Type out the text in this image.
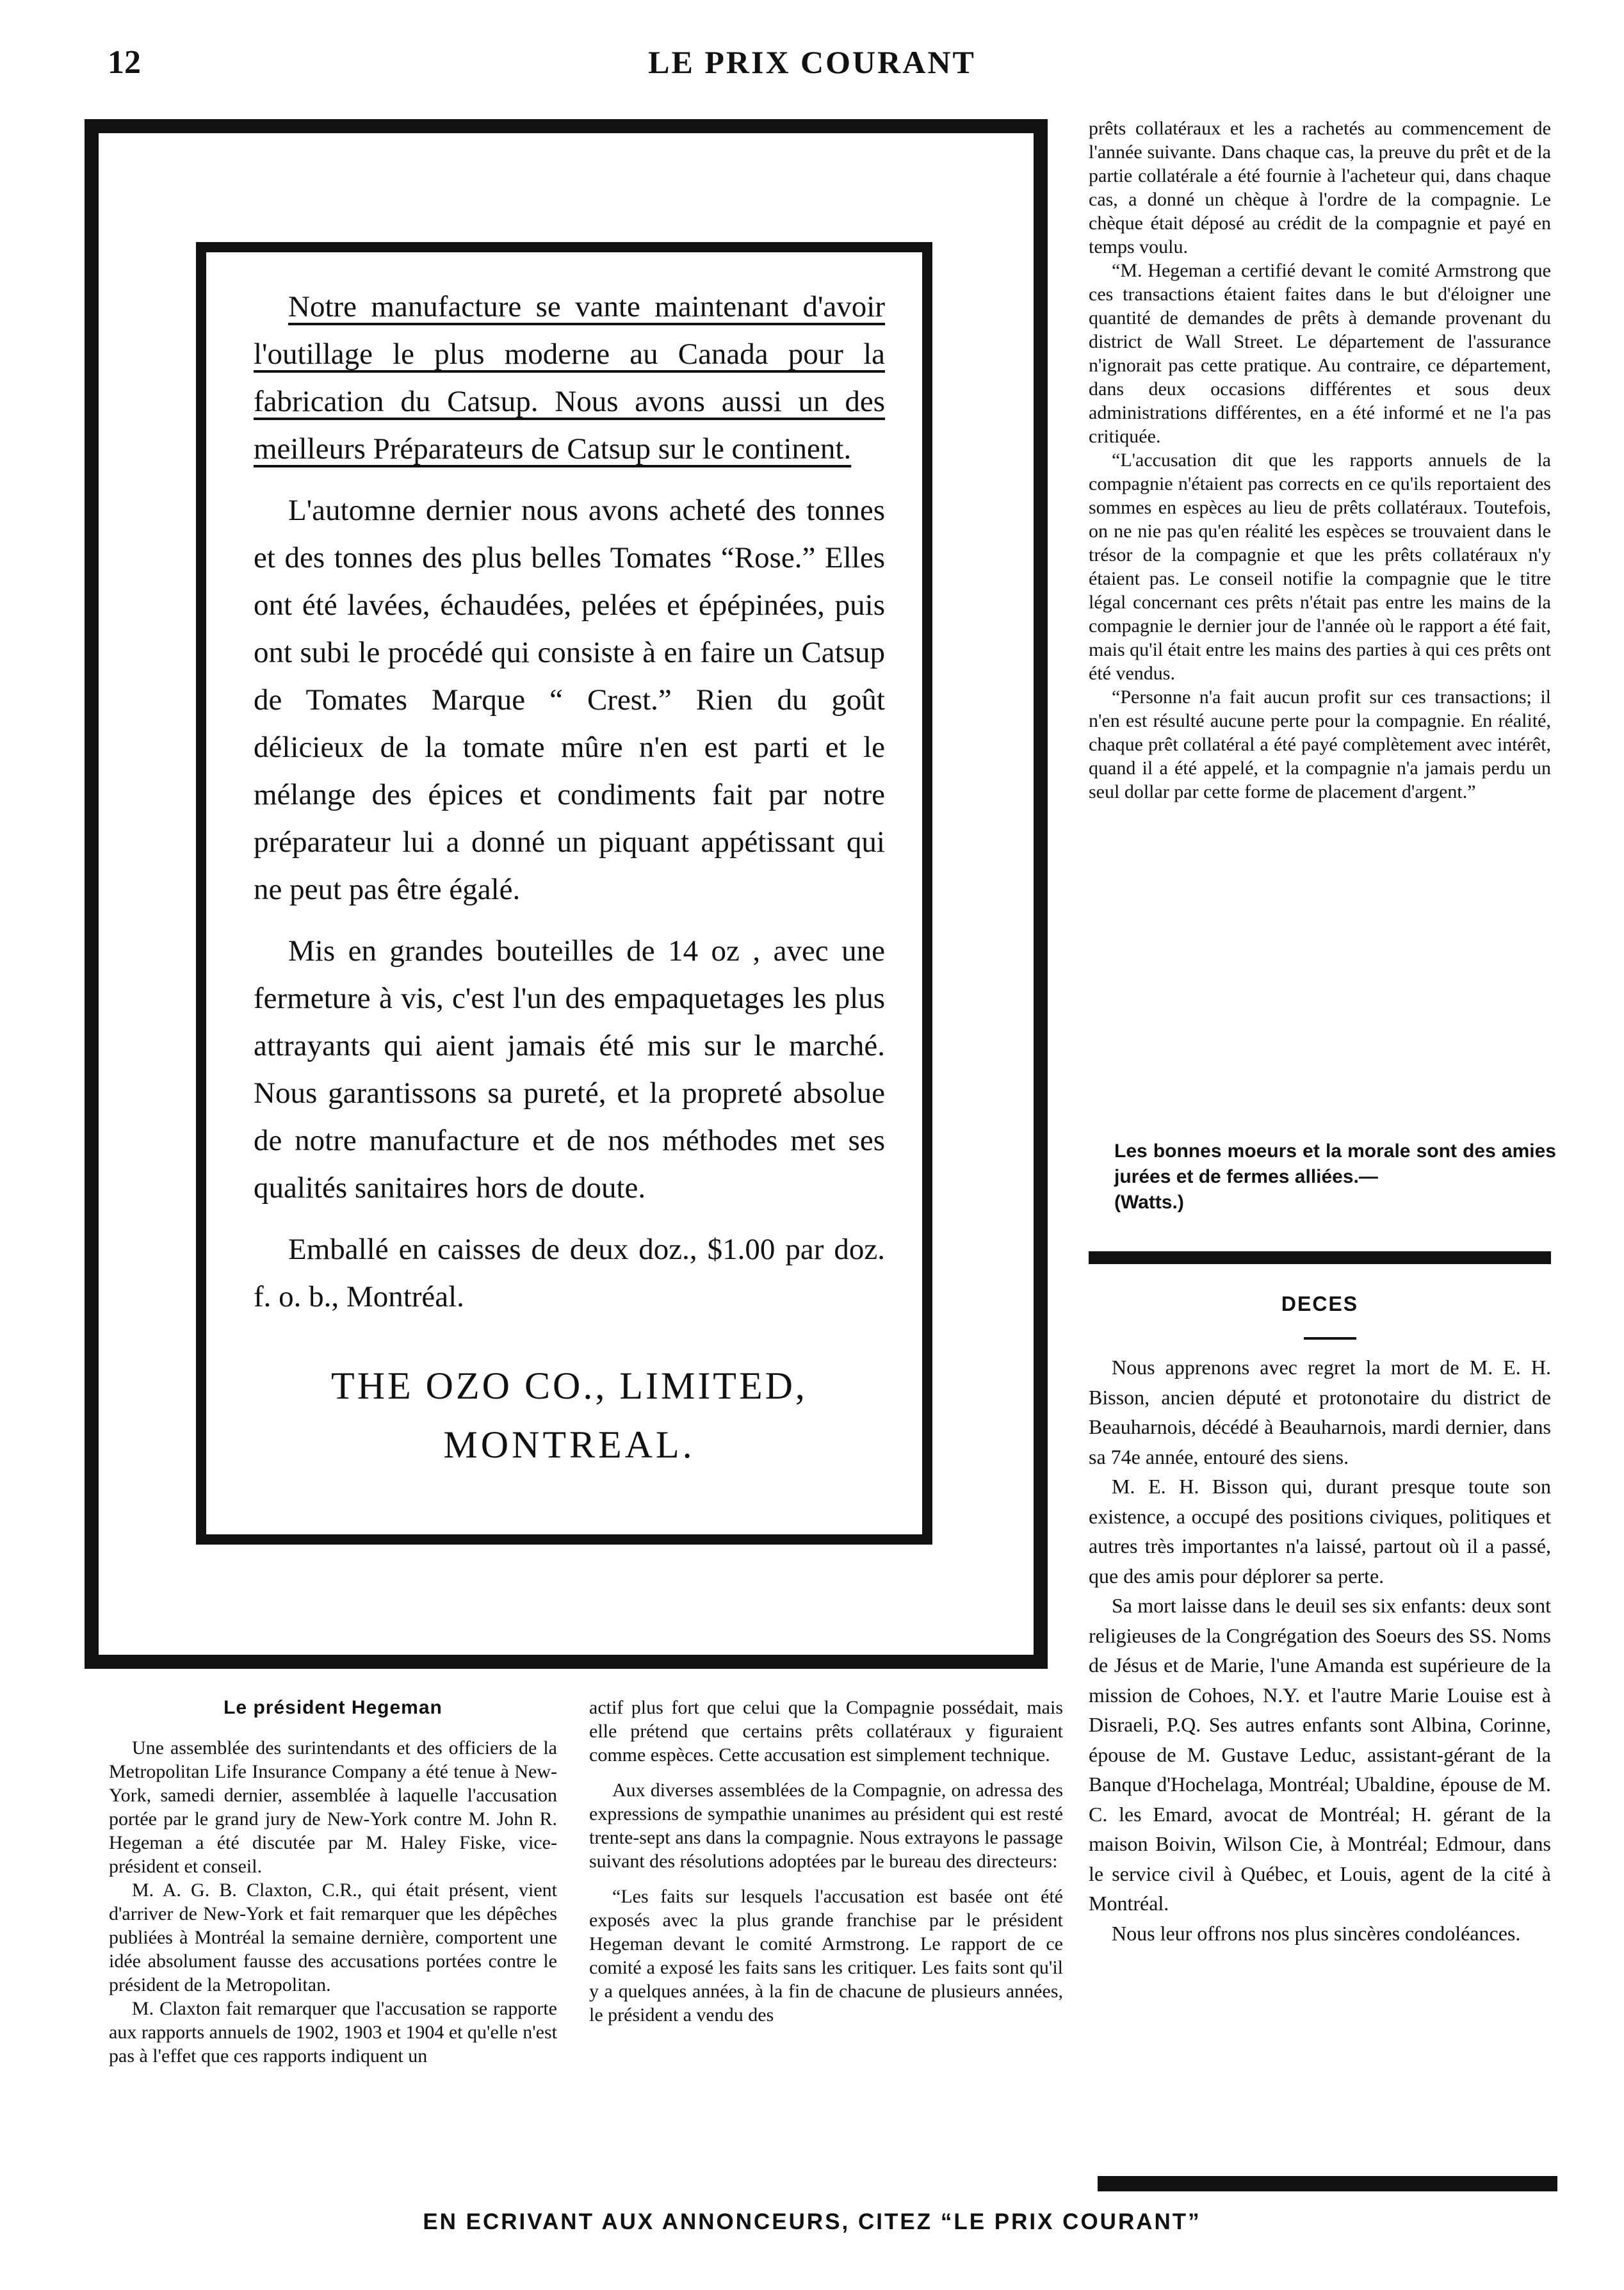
12	LE PRIX COURANT

Notre manufacture se vante maintenant d'avoir l'outillage le plus moderne au Canada pour la fabrication du Catsup. Nous avons aussi un des meilleurs Préparateurs de Catsup sur le continent.

L'automne dernier nous avons acheté des tonnes et des tonnes des plus belles Tomates “Rose.” Elles ont été lavées, échaudées, pelées et épépinées, puis ont subi le procédé qui consiste à en faire un Catsup de Tomates Marque “ Crest.” Rien du goût délicieux de la tomate mûre n'en est parti et le mélange des épices et condiments fait par notre préparateur lui a donné un piquant appétissant qui ne peut pas être égalé.

Mis en grandes bouteilles de 14 oz , avec une fermeture à vis, c'est l'un des empaquetages les plus attrayants qui aient jamais été mis sur le marché. Nous garantissons sa pureté, et la propreté absolue de notre manufacture et de nos méthodes met ses qualités sanitaires hors de doute.

Emballé en caisses de deux doz., $1.00 par doz. f. o. b., Montréal.

THE OZO CO., LIMITED,
MONTREAL.

Le président Hegeman

Une assemblée des surintendants et des officiers de la Metropolitan Life Insurance Company a été tenue à New-York, samedi dernier, assemblée à laquelle l'accusation portée par le grand jury de New-York contre M. John R. Hegeman a été discutée par M. Haley Fiske, vice-président et conseil.

M. A. G. B. Claxton, C.R., qui était présent, vient d'arriver de New-York et fait remarquer que les dépêches publiées à Montréal la semaine dernière, comportent une idée absolument fausse des accusations portées contre le président de la Metropolitan.

M. Claxton fait remarquer que l'accusation se rapporte aux rapports annuels de 1902, 1903 et 1904 et qu'elle n'est pas à l'effet que ces rapports indiquent un

actif plus fort que celui que la Compagnie possédait, mais elle prétend que certains prêts collatéraux y figuraient comme espèces. Cette accusation est simplement technique.

Aux diverses assemblées de la Compagnie, on adressa des expressions de sympathie unanimes au président qui est resté trente-sept ans dans la compagnie. Nous extrayons le passage suivant des résolutions adoptées par le bureau des directeurs:

“Les faits sur lesquels l'accusation est basée ont été exposés avec la plus grande franchise par le président Hegeman devant le comité Armstrong. Le rapport de ce comité a exposé les faits sans les critiquer. Les faits sont qu'il y a quelques années, à la fin de chacune de plusieurs années, le président a vendu des

prêts collatéraux et les a rachetés au commencement de l'année suivante. Dans chaque cas, la preuve du prêt et de la partie collatérale a été fournie à l'acheteur qui, dans chaque cas, a donné un chèque à l'ordre de la compagnie. Le chèque était déposé au crédit de la compagnie et payé en temps voulu.

“M. Hegeman a certifié devant le comité Armstrong que ces transactions étaient faites dans le but d'éloigner une quantité de demandes de prêts à demande provenant du district de Wall Street. Le département de l'assurance n'ignorait pas cette pratique. Au contraire, ce département, dans deux occasions différentes et sous deux administrations différentes, en a été informé et ne l'a pas critiquée.

“L'accusation dit que les rapports annuels de la compagnie n'étaient pas corrects en ce qu'ils reportaient des sommes en espèces au lieu de prêts collatéraux. Toutefois, on ne nie pas qu'en réalité les espèces se trouvaient dans le trésor de la compagnie et que les prêts collatéraux n'y étaient pas. Le conseil notifie la compagnie que le titre légal concernant ces prêts n'était pas entre les mains de la compagnie le dernier jour de l'année où le rapport a été fait, mais qu'il était entre les mains des parties à qui ces prêts ont été vendus.

“Personne n'a fait aucun profit sur ces transactions; il n'en est résulté aucune perte pour la compagnie. En réalité, chaque prêt collatéral a été payé complètement avec intérêt, quand il a été appelé, et la compagnie n'a jamais perdu un seul dollar par cette forme de placement d'argent.”

Les bonnes moeurs et la morale sont des amies jurées et de fermes alliées.—
(Watts.)
DECES

Nous apprenons avec regret la mort de M. E. H. Bisson, ancien député et protonotaire du district de Beauharnois, décédé à Beauharnois, mardi dernier, dans sa 74e année, entouré des siens.

M. E. H. Bisson qui, durant presque toute son existence, a occupé des positions civiques, politiques et autres très importantes n'a laissé, partout où il a passé, que des amis pour déplorer sa perte.

Sa mort laisse dans le deuil ses six enfants: deux sont religieuses de la Congrégation des Soeurs des SS. Noms de Jésus et de Marie, l'une Amanda est supérieure de la mission de Cohoes, N.Y. et l'autre Marie Louise est à Disraeli, P.Q. Ses autres enfants sont Albina, Corinne, épouse de M. Gustave Leduc, assistant-gérant de la Banque d'Hochelaga, Montréal; Ubaldine, épouse de M. C. les Emard, avocat de Montréal; H. gérant de la maison Boivin, Wilson Cie, à Montréal; Edmour, dans le service civil à Québec, et Louis, agent de la cité à Montréal.

Nous leur offrons nos plus sincères condoléances.

EN ECRIVANT AUX ANNONCEURS, CITEZ “LE PRIX COURANT”
